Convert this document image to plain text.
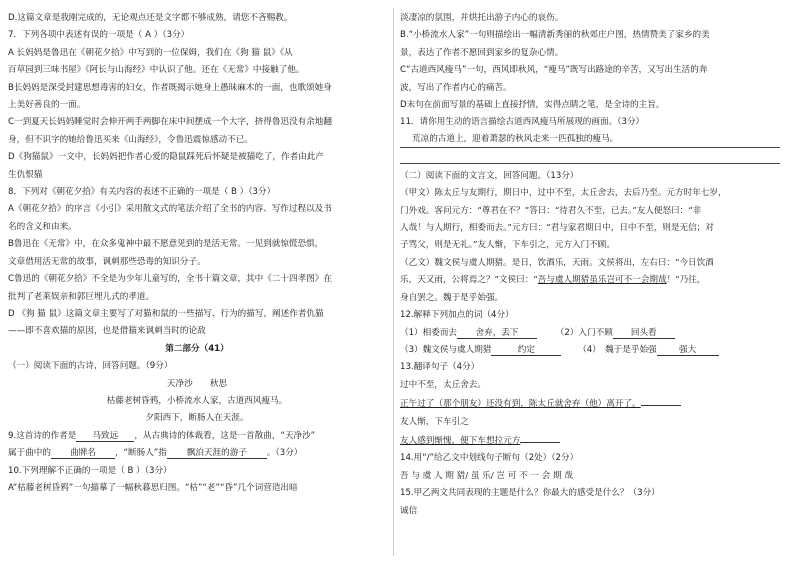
D.这篇文章是我刚完成的，无论观点还是文字都不够成熟，请您不吝赐教。
7．下列各项中表述有误的一项是（ A ）（3分）
A 长妈妈是鲁迅在《朝花夕拾》中写到的一位保姆，我们在《狗 猫 鼠》《从
百草园到三味书屋》《阿长与山海经》中认识了他。还在《无常》中接触了他。
B长妈妈是深受封建思想毒害的妇女，作者既揭示她身上愚昧麻木的一面，也歌颂她身
上美好善良的一面。
C一到夏天长妈妈睡觉时会伸开两手两脚在床中间摆成一个大字，挤得鲁迅没有余地翻
身，但不识字的她给鲁迅买来《山海经》，令鲁迅震惊感动不已。
D《狗猫鼠》一文中，长妈妈把作者心爱的隐鼠踩死后怀疑是被猫吃了，作者由此产
生仇恨猫
8．下列对《朝花夕拾》有关内容的表述不正确的一项是（ B ）（3分）
A《朝花夕拾》的序言《小引》采用散文式的笔法介绍了全书的内容、写作过程以及书
名的含义和由来。
B鲁迅在《无常》中，在众多鬼神中最不愿意见到的是活无常。一见到就惊慌恐惧，
文章借用活无常的故事，讽刺那些恐毒的知识分子。
C鲁迅的《朝花夕拾》不全是为少年儿童写的，全书十篇文章，其中《二十四孝图》在
批判了老莱娱亲和郭巨埋儿式的孝道。
D 《狗 猫 鼠》这篇文章主要写了对猫和鼠的一些描写、行为的描写，阐述作者仇猫
——即不喜欢猫的原因，也是借猫来讽刺当时的论敌
第二部分（41）
（一）阅读下面的古诗，回答问题。（9分）
天净沙　　秋思
枯藤老树昏鸦，小桥流水人家，古道西风瘦马。
夕阳西下，断肠人在天涯。
9.这首诗的作者是 马致远 ，从古典诗的体裁看，这是一首散曲，“天净沙”
属于曲中的 曲牌名 ，“断肠人”指 飘泊天涯的游子 。（3分）
10.下列理解不正确的一项是（ B ）（3分）
A“枯藤老树昏鸦”一句描摹了一幅秋暮思归图。“枯”“老”“昏”几个词营造出暗
淡凄凉的氛围，并烘托出游子内心的哀伤。
B.“小桥流水人家”一句则描绘出一幅清新秀丽的秋郊庄户图，热情赞美了家乡的美
景，表达了作者不愿回到家乡的复杂心情。
C“古道西风瘦马”一句，西风即秋风，“瘦马”既写出路途的辛苦，又写出生活的奔
波，写出了作者内心的痛苦。
D末句在前面写景的基础上直接抒情，实得点睛之笔，是全诗的主旨。
11．请你用生动的语言描绘古道西风瘦马所展现的画面。（3分）
荒凉的古道上，迎着萧瑟的秋风走来一匹孤独的瘦马。
（二）阅读下面的文言文，回答问题。（13分）
（甲文）陈太丘与友期行，期日中，过中不至，太丘舍去，去后乃至。元方时年七岁，
门外戏。客问元方：“尊君在不？”答曰：“待君久不至，已去。”友人便怒曰：“非
人哉！与人期行，相委而去。”元方曰：“君与家君期日中，日中不至，则是无信；对
子骂父，则是无礼。”友人惭，下车引之，元方入门不顾。
（乙文）魏文侯与虞人期猎。是日，饮酒乐，天雨。文侯将出，左右曰：“今日饮酒
乐，天又雨，公将焉之？”文侯曰：“吾与虞人期猎虽乐岂可不一会期哉！”乃往，
身自罢之。魏于是乎始强。
12.解释下列加点的词（4分）
（1）相委而去 舍弃，丢下	（2）入门不顾 回头看
（3）魏文侯与虞人期猎	约定	（4）　魏于是乎始强	强大
13.翻译句子（4分）
过中不至，太丘舍去。
正午过了（那个朋友）还没有到，陈太丘就舍弃（他）离开了。
友人惭，下车引之
友人感到惭愧，便下车想拉元方
14.用“/”给乙文中划线句子断句（2处）（2分）
吾 与 虞 人 期 猎/ 虽 乐/ 岂 可 不 一 会 期 哉
15.甲乙两文共同表现的主题是什么？你最大的感受是什么？（3分）
诚信
